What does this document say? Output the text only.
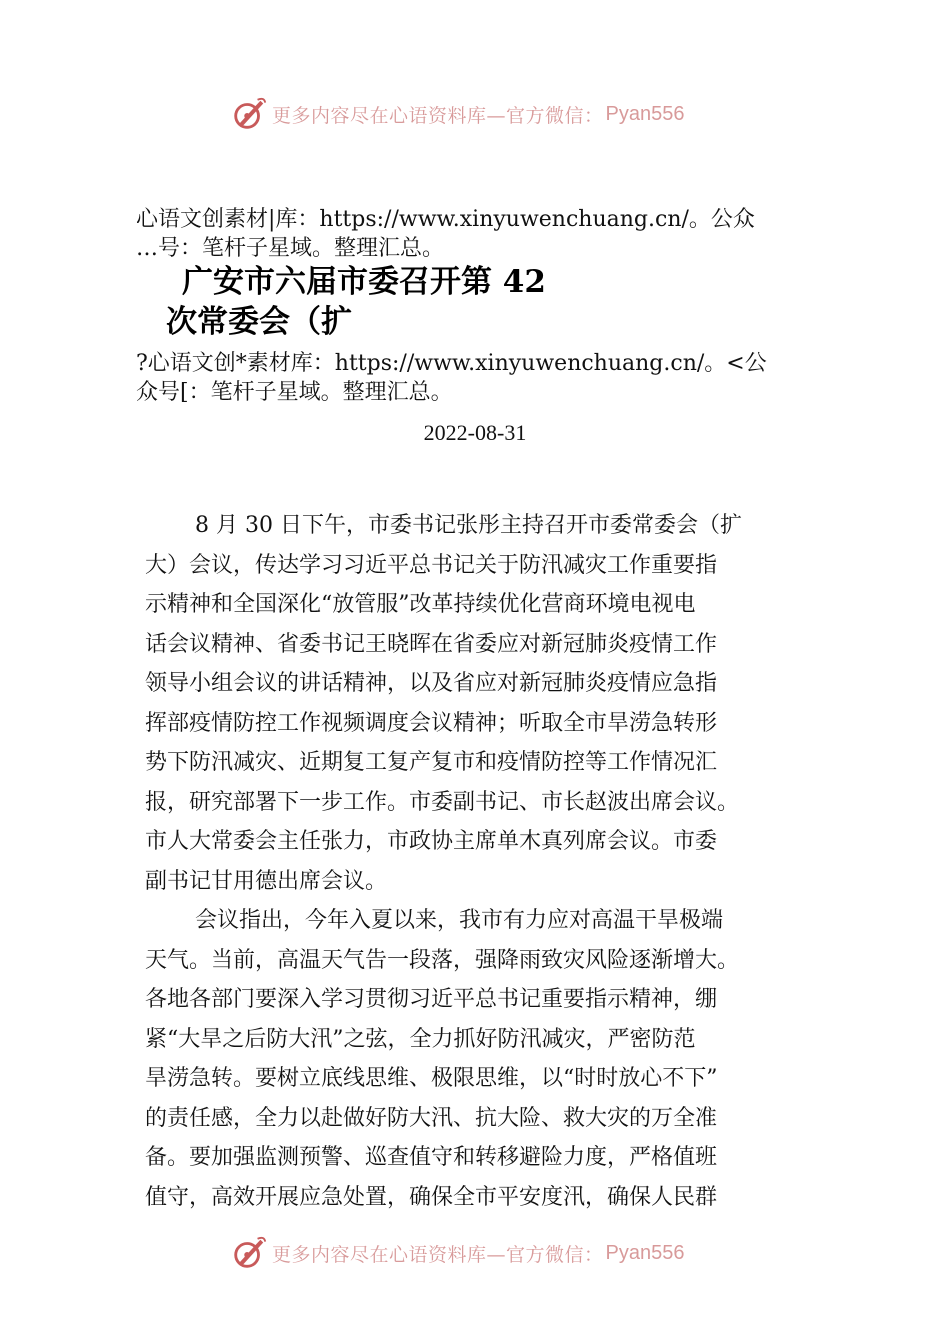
更多内容尽在心语资料库—官方微信： Pyan556
心语文创素材|库：https://www.xinyuwenchuang.cn/。公众
…号：笔杆子星域。整理汇总。
广安市六届市委召开第 42
次常委会（扩
?心语文创*素材库：https://www.xinyuwenchuang.cn/。<公
众号[：笔杆子星域。整理汇总。
2022-08-31
8 月 30 日下午，市委书记张彤主持召开市委常委会（扩
大）会议，传达学习习近平总书记关于防汛减灾工作重要指
示精神和全国深化“放管服”改革持续优化营商环境电视电
话会议精神、省委书记王晓晖在省委应对新冠肺炎疫情工作
领导小组会议的讲话精神，以及省应对新冠肺炎疫情应急指
挥部疫情防控工作视频调度会议精神；听取全市旱涝急转形
势下防汛减灾、近期复工复产复市和疫情防控等工作情况汇
报，研究部署下一步工作。市委副书记、市长赵波出席会议。
市人大常委会主任张力，市政协主席单木真列席会议。市委
副书记甘用德出席会议。
会议指出，今年入夏以来，我市有力应对高温干旱极端
天气。当前，高温天气告一段落，强降雨致灾风险逐渐增大。
各地各部门要深入学习贯彻习近平总书记重要指示精神，绷
紧“大旱之后防大汛”之弦，全力抓好防汛减灾，严密防范
旱涝急转。要树立底线思维、极限思维，以“时时放心不下”
的责任感，全力以赴做好防大汛、抗大险、救大灾的万全准
备。要加强监测预警、巡查值守和转移避险力度，严格值班
值守，高效开展应急处置，确保全市平安度汛，确保人民群
更多内容尽在心语资料库—官方微信： Pyan556
